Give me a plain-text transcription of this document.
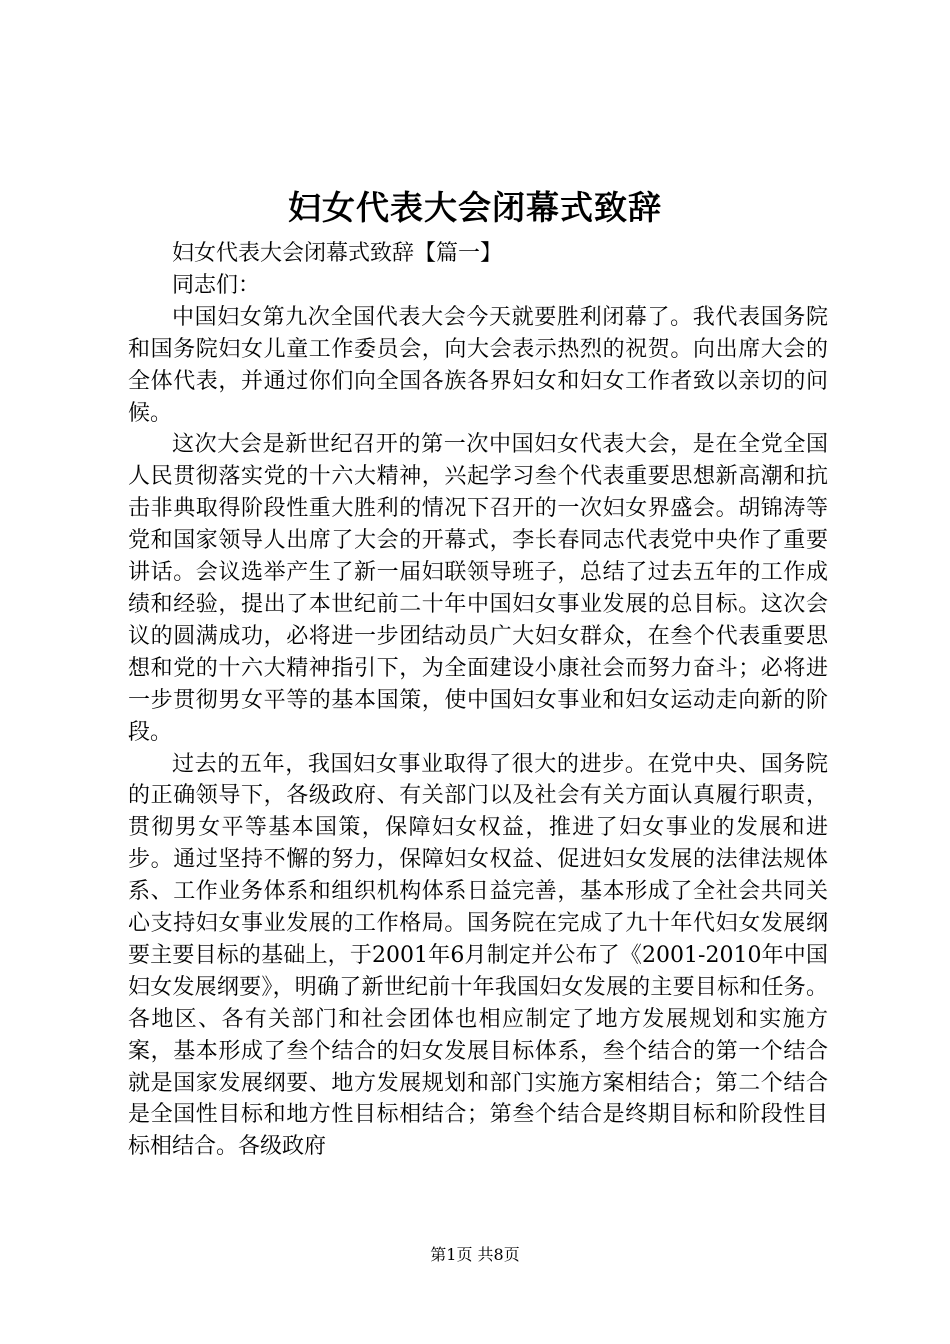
妇女代表大会闭幕式致辞

妇女代表大会闭幕式致辞【篇一】

同志们：

中国妇女第九次全国代表大会今天就要胜利闭幕了。我代表国务院和国务院妇女儿童工作委员会，向大会表示热烈的祝贺。向出席大会的全体代表，并通过你们向全国各族各界妇女和妇女工作者致以亲切的问候。

这次大会是新世纪召开的第一次中国妇女代表大会，是在全党全国人民贯彻落实党的十六大精神，兴起学习叁个代表重要思想新高潮和抗击非典取得阶段性重大胜利的情况下召开的一次妇女界盛会。胡锦涛等党和国家领导人出席了大会的开幕式，李长春同志代表党中央作了重要讲话。会议选举产生了新一届妇联领导班子，总结了过去五年的工作成绩和经验，提出了本世纪前二十年中国妇女事业发展的总目标。这次会议的圆满成功，必将进一步团结动员广大妇女群众，在叁个代表重要思想和党的十六大精神指引下，为全面建设小康社会而努力奋斗；必将进一步贯彻男女平等的基本国策，使中国妇女事业和妇女运动走向新的阶段。

过去的五年，我国妇女事业取得了很大的进步。在党中央、国务院的正确领导下，各级政府、有关部门以及社会有关方面认真履行职责，贯彻男女平等基本国策，保障妇女权益，推进了妇女事业的发展和进步。通过坚持不懈的努力，保障妇女权益、促进妇女发展的法律法规体系、工作业务体系和组织机构体系日益完善，基本形成了全社会共同关心支持妇女事业发展的工作格局。国务院在完成了九十年代妇女发展纲要主要目标的基础上，于2001年6月制定并公布了《2001-2010年中国妇女发展纲要》，明确了新世纪前十年我国妇女发展的主要目标和任务。各地区、各有关部门和社会团体也相应制定了地方发展规划和实施方案，基本形成了叁个结合的妇女发展目标体系，叁个结合的第一个结合就是国家发展纲要、地方发展规划和部门实施方案相结合；第二个结合是全国性目标和地方性目标相结合；第叁个结合是终期目标和阶段性目标相结合。各级政府

第1页 共8页
